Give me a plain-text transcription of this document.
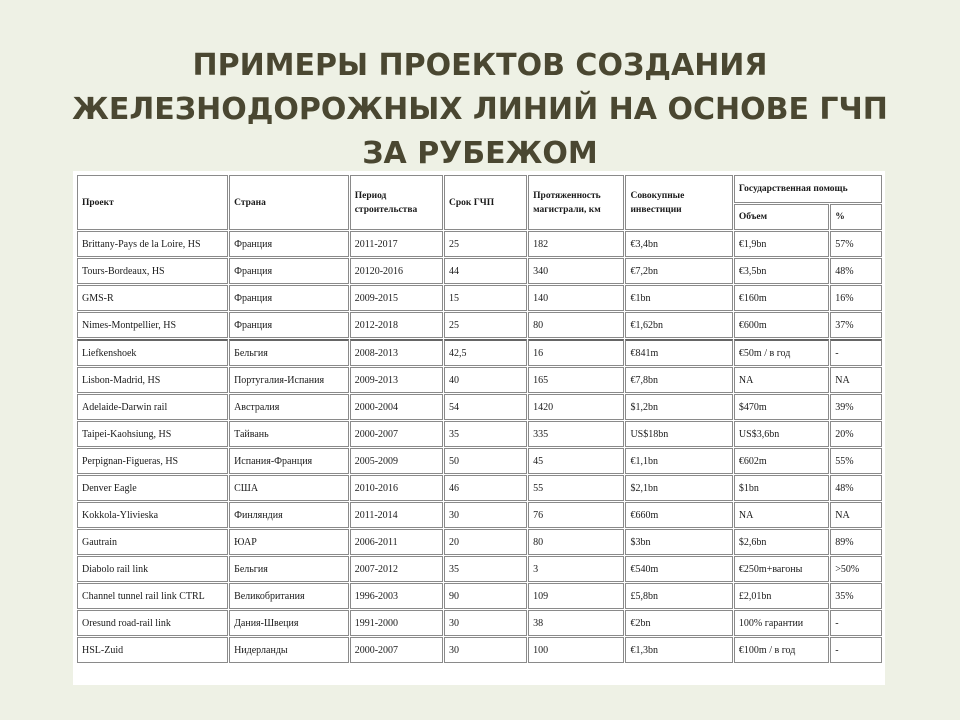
ПРИМЕРЫ ПРОЕКТОВ СОЗДАНИЯ
ЖЕЛЕЗНОДОРОЖНЫХ ЛИНИЙ НА ОСНОВЕ ГЧП
ЗА РУБЕЖОМ
Проект	Страна	Период строительства	Срок ГЧП	Протяженность магистрали, км	Совокупные инвестиции	Государственная помощь	
						Объем	%
Brittany-Pays de la Loire, HS	Франция	2011-2017	25	182	€3,4bn	€1,9bn	57%
Tours-Bordeaux, HS	Франция	20120-2016	44	340	€7,2bn	€3,5bn	48%
GMS-R	Франция	2009-2015	15	140	€1bn	€160m	16%
Nimes-Montpellier, HS	Франция	2012-2018	25	80	€1,62bn	€600m	37%
Liefkenshoek	Бельгия	2008-2013	42,5	16	€841m	€50m / в год	-
Lisbon-Madrid, HS	Португалия-Испания	2009-2013	40	165	€7,8bn	NA	NA
Adelaide-Darwin rail	Австралия	2000-2004	54	1420	$1,2bn	$470m	39%
Taipei-Kaohsiung, HS	Тайвань	2000-2007	35	335	US$18bn	US$3,6bn	20%
Perpignan-Figueras, HS	Испания-Франция	2005-2009	50	45	€1,1bn	€602m	55%
Denver Eagle	США	2010-2016	46	55	$2,1bn	$1bn	48%
Kokkola-Ylivieska	Финляндия	2011-2014	30	76	€660m	NA	NA
Gautrain	ЮАР	2006-2011	20	80	$3bn	$2,6bn	89%
Diabolo rail link	Бельгия	2007-2012	35	3	€540m	€250m+вагоны	>50%
Channel tunnel rail link CTRL	Великобритания	1996-2003	90	109	£5,8bn	£2,01bn	35%
Oresund road-rail link	Дания-Швеция	1991-2000	30	38	€2bn	100% гарантии	-
HSL-Zuid	Нидерланды	2000-2007	30	100	€1,3bn	€100m / в год	-
